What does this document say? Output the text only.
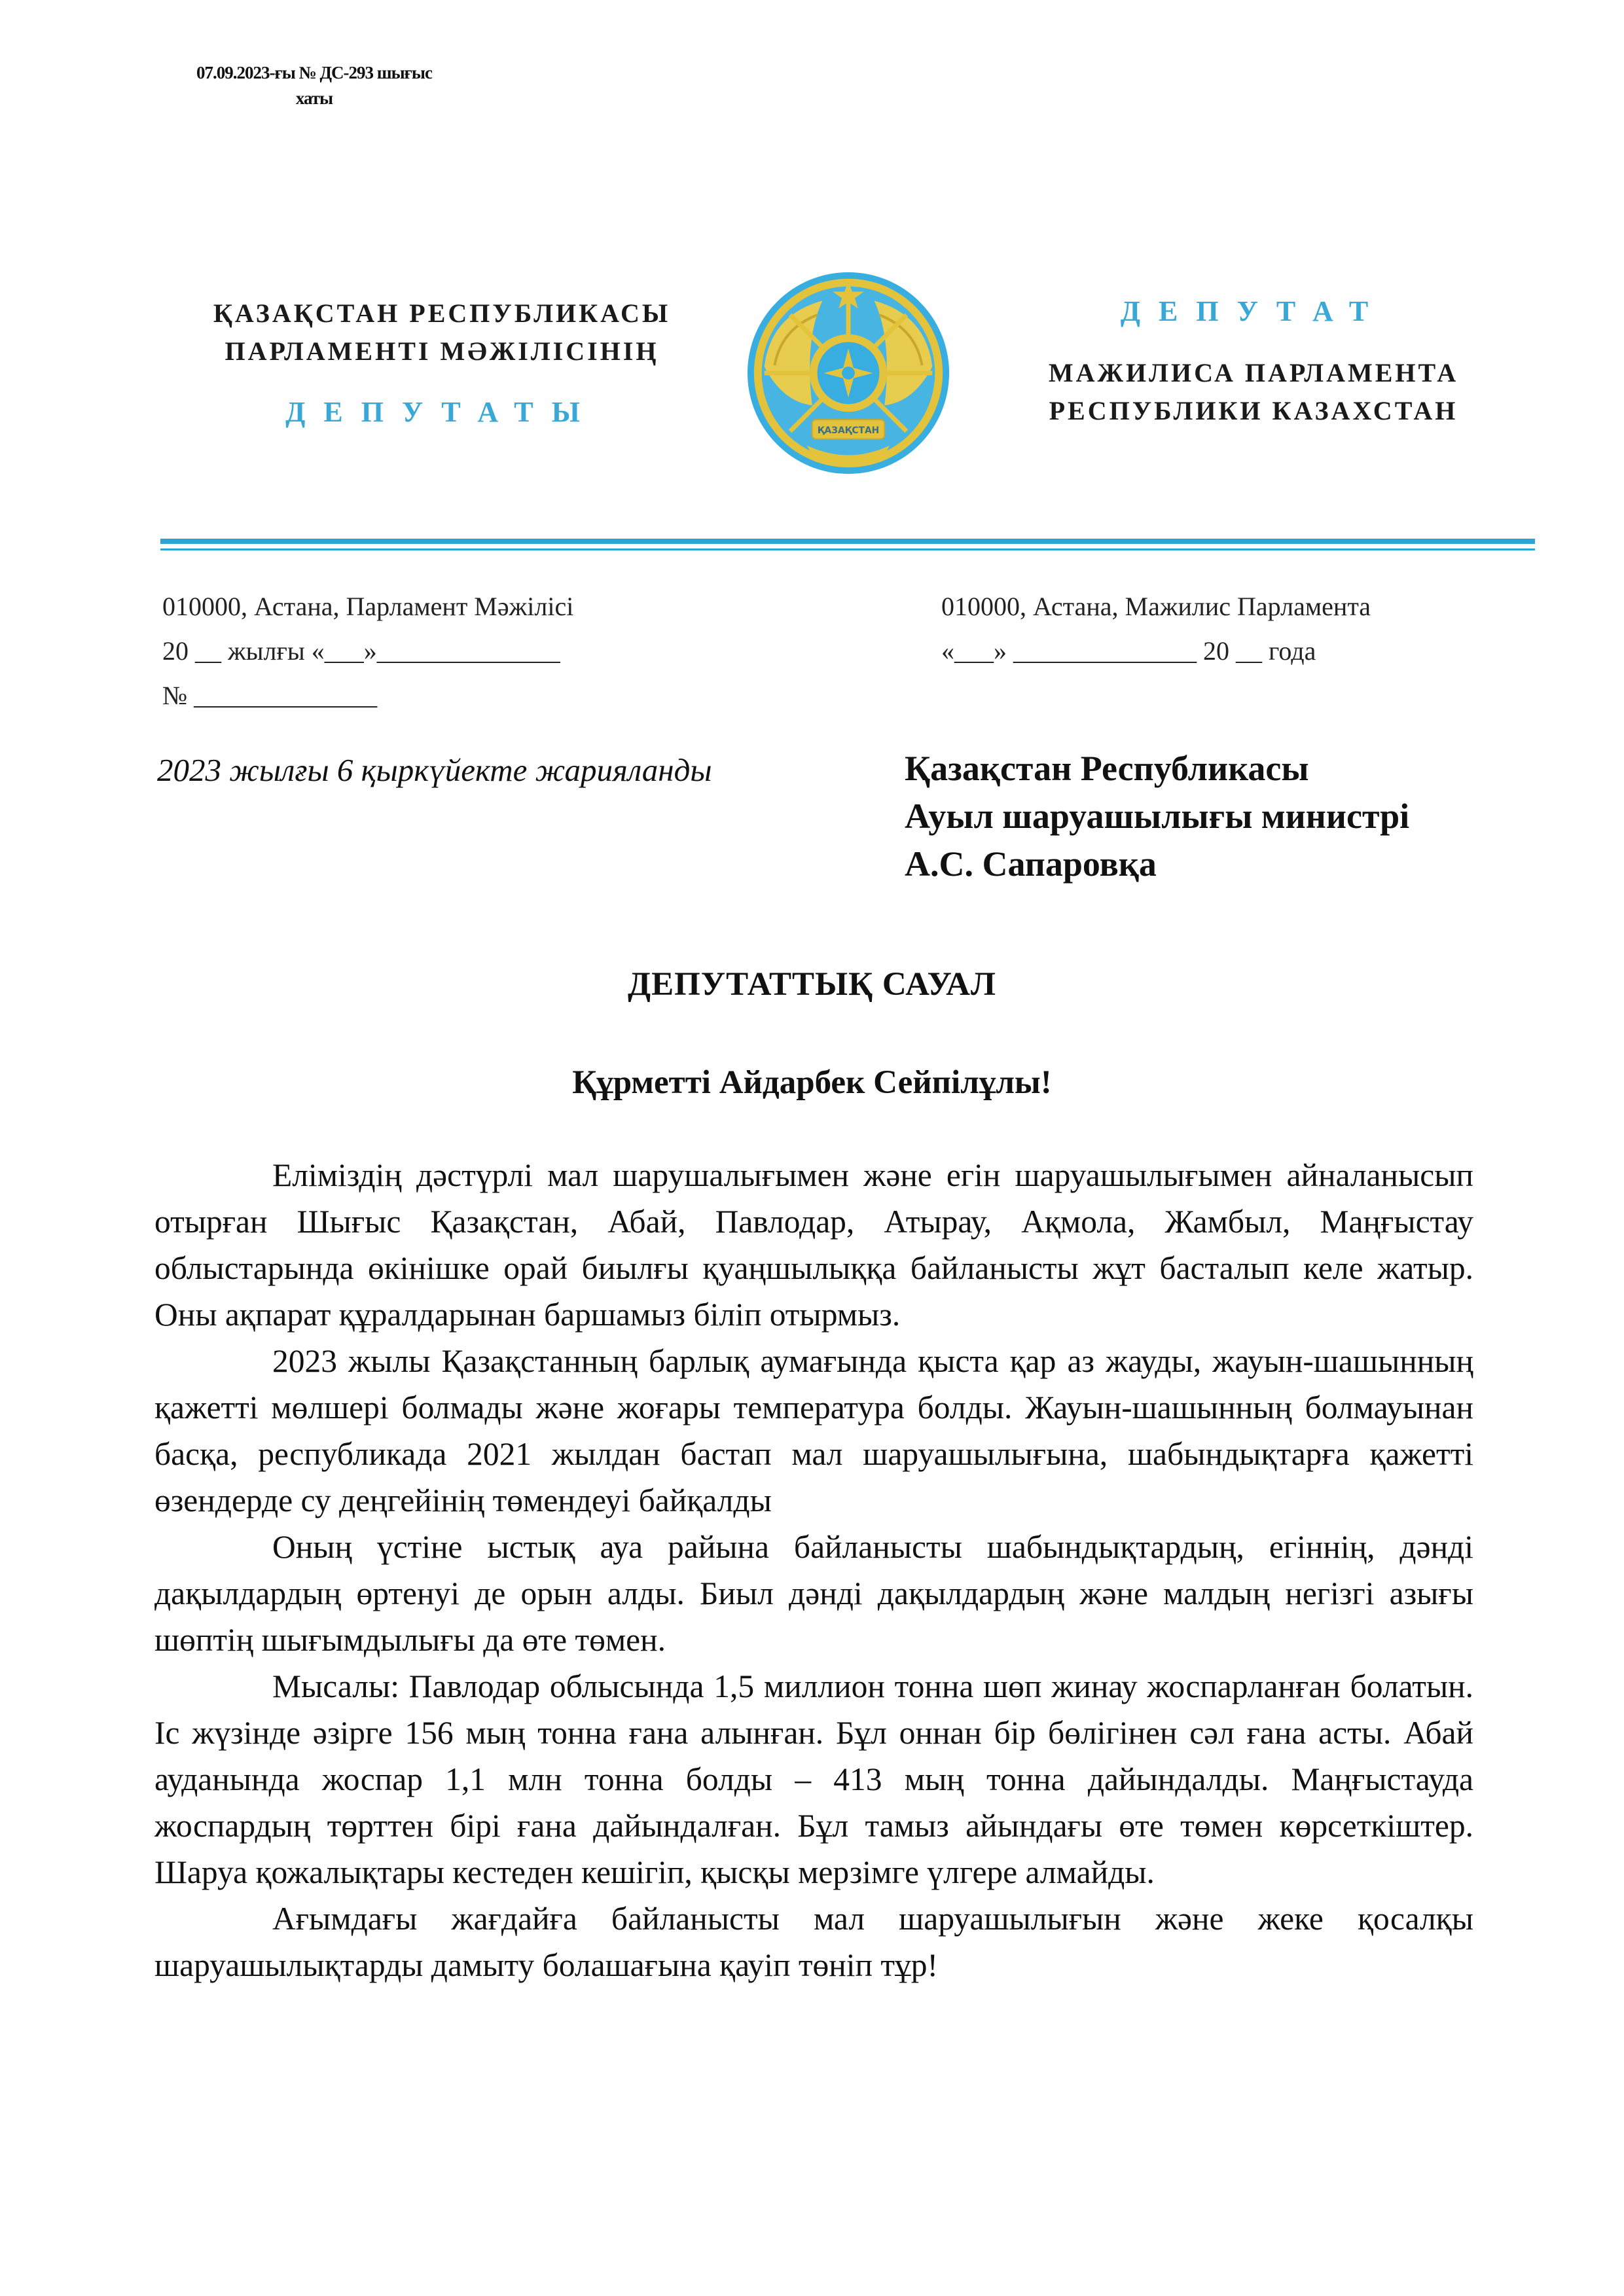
07.09.2023-ғы № ДС-293 шығыс
хаты
ҚАЗАҚСТАН РЕСПУБЛИКАСЫ
ПАРЛАМЕНТІ МӘЖІЛІСІНІҢ
ДЕПУТАТЫ
ҚАЗАҚСТАН
ДЕПУТАТ
МАЖИЛИСА ПАРЛАМЕНТА
РЕСПУБЛИКИ КАЗАХСТАН
010000, Астана, Парламент Мәжілісі
20 __ жылғы «___»______________
№ ______________
010000, Астана, Мажилис Парламента
«___» ______________ 20 __ года
2023 жылғы 6 қыркүйекте жарияланды	Қазақстан Республикасы
Ауыл шаруашылығы министрі
А.С. Сапаровқа
ДЕПУТАТТЫҚ САУАЛ
Құрметті Айдарбек Сейпілұлы!

Еліміздің дәстүрлі мал шарушалығымен және егін шаруашылығымен айналанысып отырған Шығыс Қазақстан, Абай, Павлодар, Атырау, Ақмола, Жамбыл, Маңғыстау облыстарында өкінішке орай биылғы қуаңшылыққа байланысты жұт басталып келе жатыр. Оны ақпарат құралдарынан баршамыз біліп отырмыз.

2023 жылы Қазақстанның барлық аумағында қыста қар аз жауды, жауын-шашынның қажетті мөлшері болмады және жоғары температура болды. Жауын-шашынның болмауынан басқа, республикада 2021 жылдан бастап мал шаруашылығына, шабындықтарға қажетті өзендерде су деңгейінің төмендеуі байқалды

Оның үстіне ыстық ауа райына байланысты шабындықтардың, егіннің, дәнді дақылдардың өртенуі де орын алды. Биыл дәнді дақылдардың және малдың негізгі азығы шөптің шығымдылығы да өте төмен.

Мысалы: Павлодар облысында 1,5 миллион тонна шөп жинау жоспарланған болатын. Іс жүзінде әзірге 156 мың тонна ғана алынған. Бұл оннан бір бөлігінен сәл ғана асты. Абай ауданында жоспар 1,1 млн тонна болды – 413 мың тонна дайындалды. Маңғыстауда жоспардың төрттен бірі ғана дайындалған. Бұл тамыз айындағы өте төмен көрсеткіштер. Шаруа қожалықтары кестеден кешігіп, қысқы мерзімге үлгере алмайды.

Ағымдағы жағдайға байланысты мал шаруашылығын және жеке қосалқы шаруашылықтарды дамыту болашағына қауіп төніп тұр!
